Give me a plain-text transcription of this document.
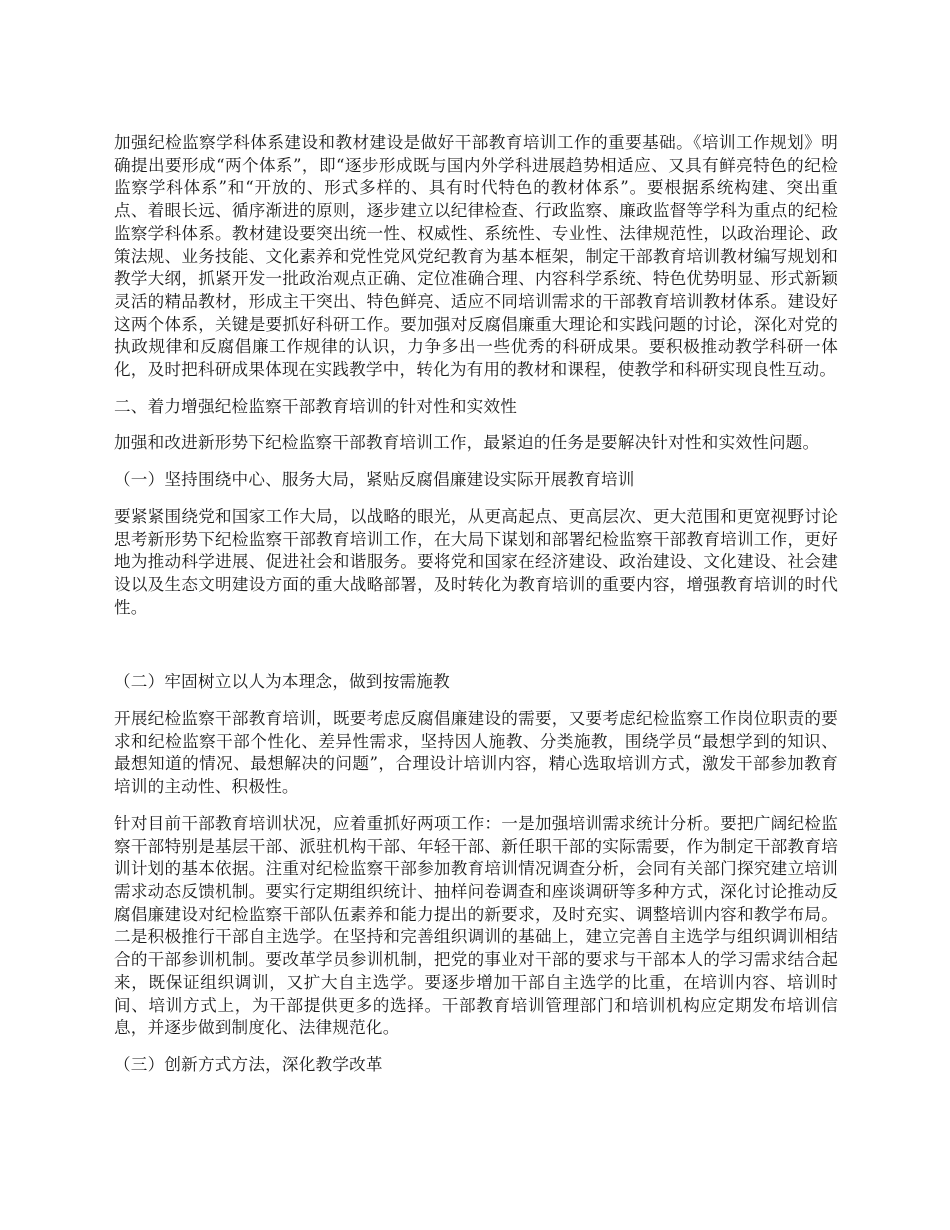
加强纪检监察学科体系建设和教材建设是做好干部教育培训工作的重要基础。《培训工作规划》明确提出要形成“两个体系”，即“逐步形成既与国内外学科进展趋势相适应、又具有鲜亮特色的纪检监察学科体系”和“开放的、形式多样的、具有时代特色的教材体系”。要根据系统构建、突出重点、着眼长远、循序渐进的原则，逐步建立以纪律检查、行政监察、廉政监督等学科为重点的纪检监察学科体系。教材建设要突出统一性、权威性、系统性、专业性、法律规范性，以政治理论、政策法规、业务技能、文化素养和党性党风党纪教育为基本框架，制定干部教育培训教材编写规划和教学大纲，抓紧开发一批政治观点正确、定位准确合理、内容科学系统、特色优势明显、形式新颖灵活的精品教材，形成主干突出、特色鲜亮、适应不同培训需求的干部教育培训教材体系。建设好这两个体系，关键是要抓好科研工作。要加强对反腐倡廉重大理论和实践问题的讨论，深化对党的执政规律和反腐倡廉工作规律的认识，力争多出一些优秀的科研成果。要积极推动教学科研一体化，及时把科研成果体现在实践教学中，转化为有用的教材和课程，使教学和科研实现良性互动。

二、着力增强纪检监察干部教育培训的针对性和实效性

加强和改进新形势下纪检监察干部教育培训工作，最紧迫的任务是要解决针对性和实效性问题。

（一）坚持围绕中心、服务大局，紧贴反腐倡廉建设实际开展教育培训

要紧紧围绕党和国家工作大局，以战略的眼光，从更高起点、更高层次、更大范围和更宽视野讨论思考新形势下纪检监察干部教育培训工作，在大局下谋划和部署纪检监察干部教育培训工作，更好地为推动科学进展、促进社会和谐服务。要将党和国家在经济建设、政治建设、文化建设、社会建设以及生态文明建设方面的重大战略部署，及时转化为教育培训的重要内容，增强教育培训的时代性。

（二）牢固树立以人为本理念，做到按需施教

开展纪检监察干部教育培训，既要考虑反腐倡廉建设的需要，又要考虑纪检监察工作岗位职责的要求和纪检监察干部个性化、差异性需求，坚持因人施教、分类施教，围绕学员“最想学到的知识、最想知道的情况、最想解决的问题”，合理设计培训内容，精心选取培训方式，激发干部参加教育培训的主动性、积极性。

针对目前干部教育培训状况，应着重抓好两项工作：一是加强培训需求统计分析。要把广阔纪检监察干部特别是基层干部、派驻机构干部、年轻干部、新任职干部的实际需要，作为制定干部教育培训计划的基本依据。注重对纪检监察干部参加教育培训情况调查分析，会同有关部门探究建立培训需求动态反馈机制。要实行定期组织统计、抽样问卷调查和座谈调研等多种方式，深化讨论推动反腐倡廉建设对纪检监察干部队伍素养和能力提出的新要求，及时充实、调整培训内容和教学布局。二是积极推行干部自主选学。在坚持和完善组织调训的基础上，建立完善自主选学与组织调训相结合的干部参训机制。要改革学员参训机制，把党的事业对干部的要求与干部本人的学习需求结合起来，既保证组织调训，又扩大自主选学。要逐步增加干部自主选学的比重，在培训内容、培训时间、培训方式上，为干部提供更多的选择。干部教育培训管理部门和培训机构应定期发布培训信息，并逐步做到制度化、法律规范化。

（三）创新方式方法，深化教学改革
